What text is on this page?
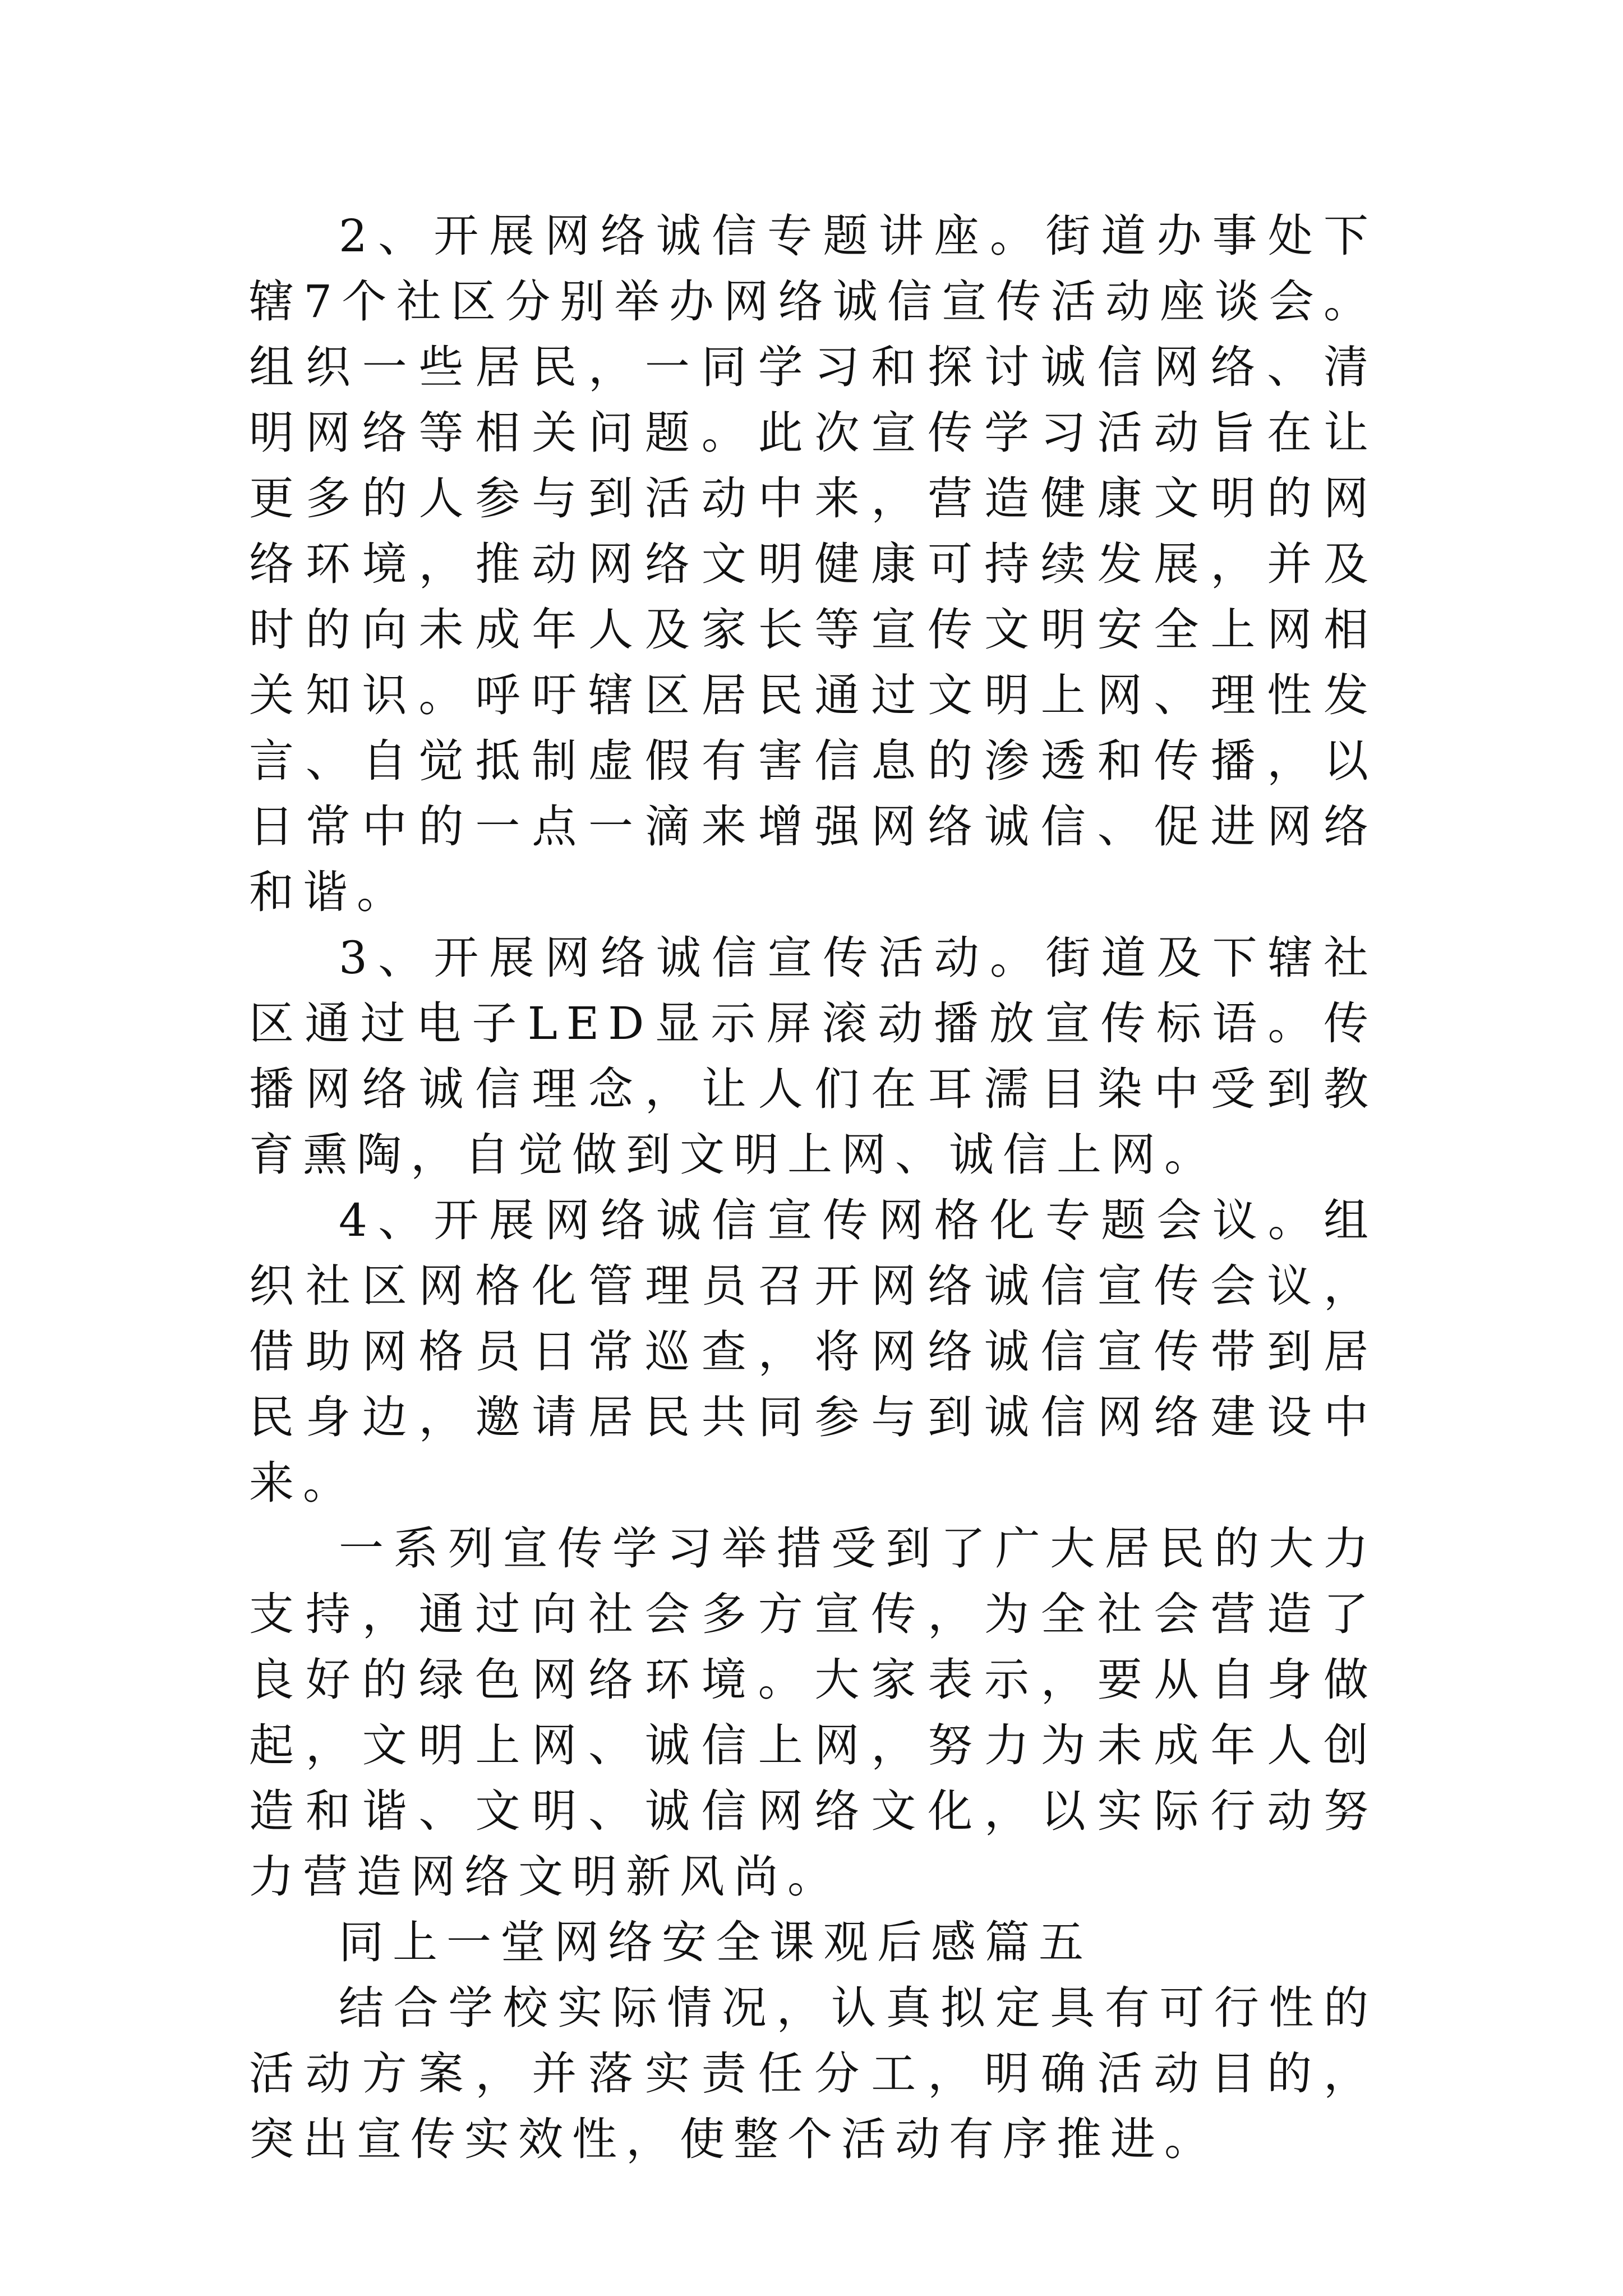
2、开展网络诚信专题讲座。街道办事处下辖7个社区分别举办网络诚信宣传活动座谈会。组织一些居民，一同学习和探讨诚信网络、清明网络等相关问题。此次宣传学习活动旨在让更多的人参与到活动中来，营造健康文明的网络环境，推动网络文明健康可持续发展，并及时的向未成年人及家长等宣传文明安全上网相关知识。呼吁辖区居民通过文明上网、理性发言、自觉抵制虚假有害信息的渗透和传播，以日常中的一点一滴来增强网络诚信、促进网络和谐。

3、开展网络诚信宣传活动。街道及下辖社区通过电子LED显示屏滚动播放宣传标语。传播网络诚信理念，让人们在耳濡目染中受到教育熏陶，自觉做到文明上网、诚信上网。

4、开展网络诚信宣传网格化专题会议。组织社区网格化管理员召开网络诚信宣传会议，借助网格员日常巡查，将网络诚信宣传带到居民身边，邀请居民共同参与到诚信网络建设中来。

一系列宣传学习举措受到了广大居民的大力支持，通过向社会多方宣传，为全社会营造了良好的绿色网络环境。大家表示，要从自身做起，文明上网、诚信上网，努力为未成年人创造和谐、文明、诚信网络文化，以实际行动努力营造网络文明新风尚。

同上一堂网络安全课观后感篇五

结合学校实际情况，认真拟定具有可行性的活动方案，并落实责任分工，明确活动目的，突出宣传实效性，使整个活动有序推进。
